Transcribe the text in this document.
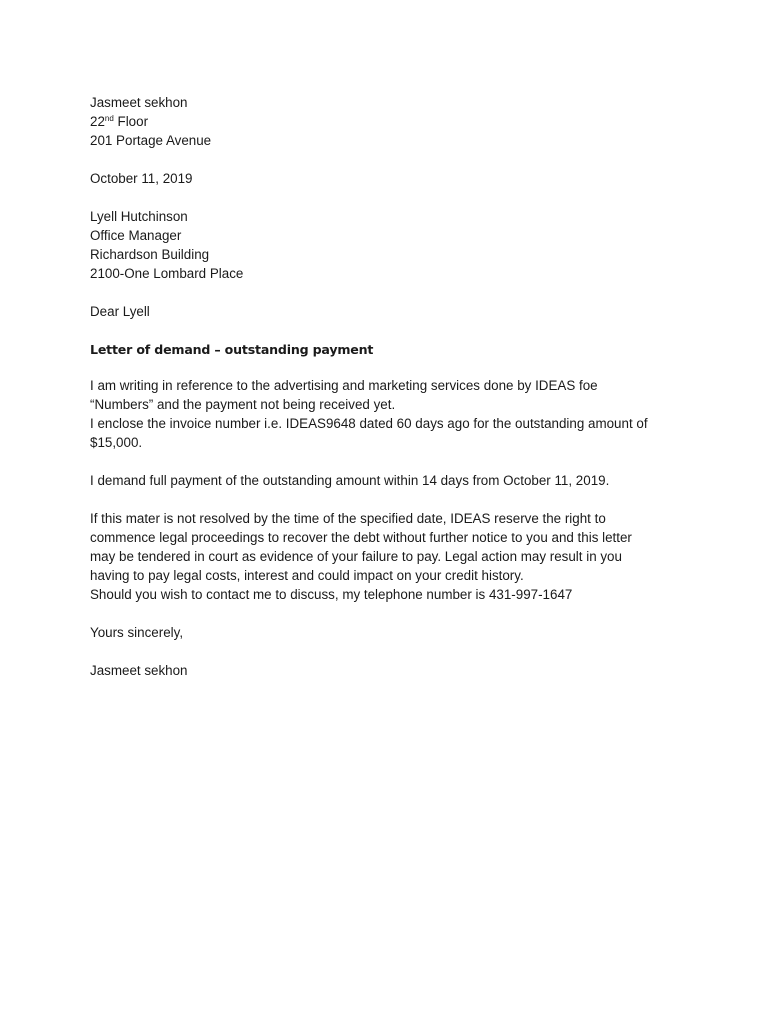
Jasmeet sekhon
22nd Floor
201 Portage Avenue
October 11, 2019
Lyell Hutchinson
Office Manager
Richardson Building
2100-One Lombard Place
Dear Lyell
Letter of demand – outstanding payment
I am writing in reference to the advertising and marketing services done by IDEAS foe
“Numbers” and the payment not being received yet.
I enclose the invoice number i.e. IDEAS9648 dated 60 days ago for the outstanding amount of
$15,000.
I demand full payment of the outstanding amount within 14 days from October 11, 2019.
If this mater is not resolved by the time of the specified date, IDEAS reserve the right to
commence legal proceedings to recover the debt without further notice to you and this letter
may be tendered in court as evidence of your failure to pay. Legal action may result in you
having to pay legal costs, interest and could impact on your credit history.
Should you wish to contact me to discuss, my telephone number is 431-997-1647
Yours sincerely,
Jasmeet sekhon
